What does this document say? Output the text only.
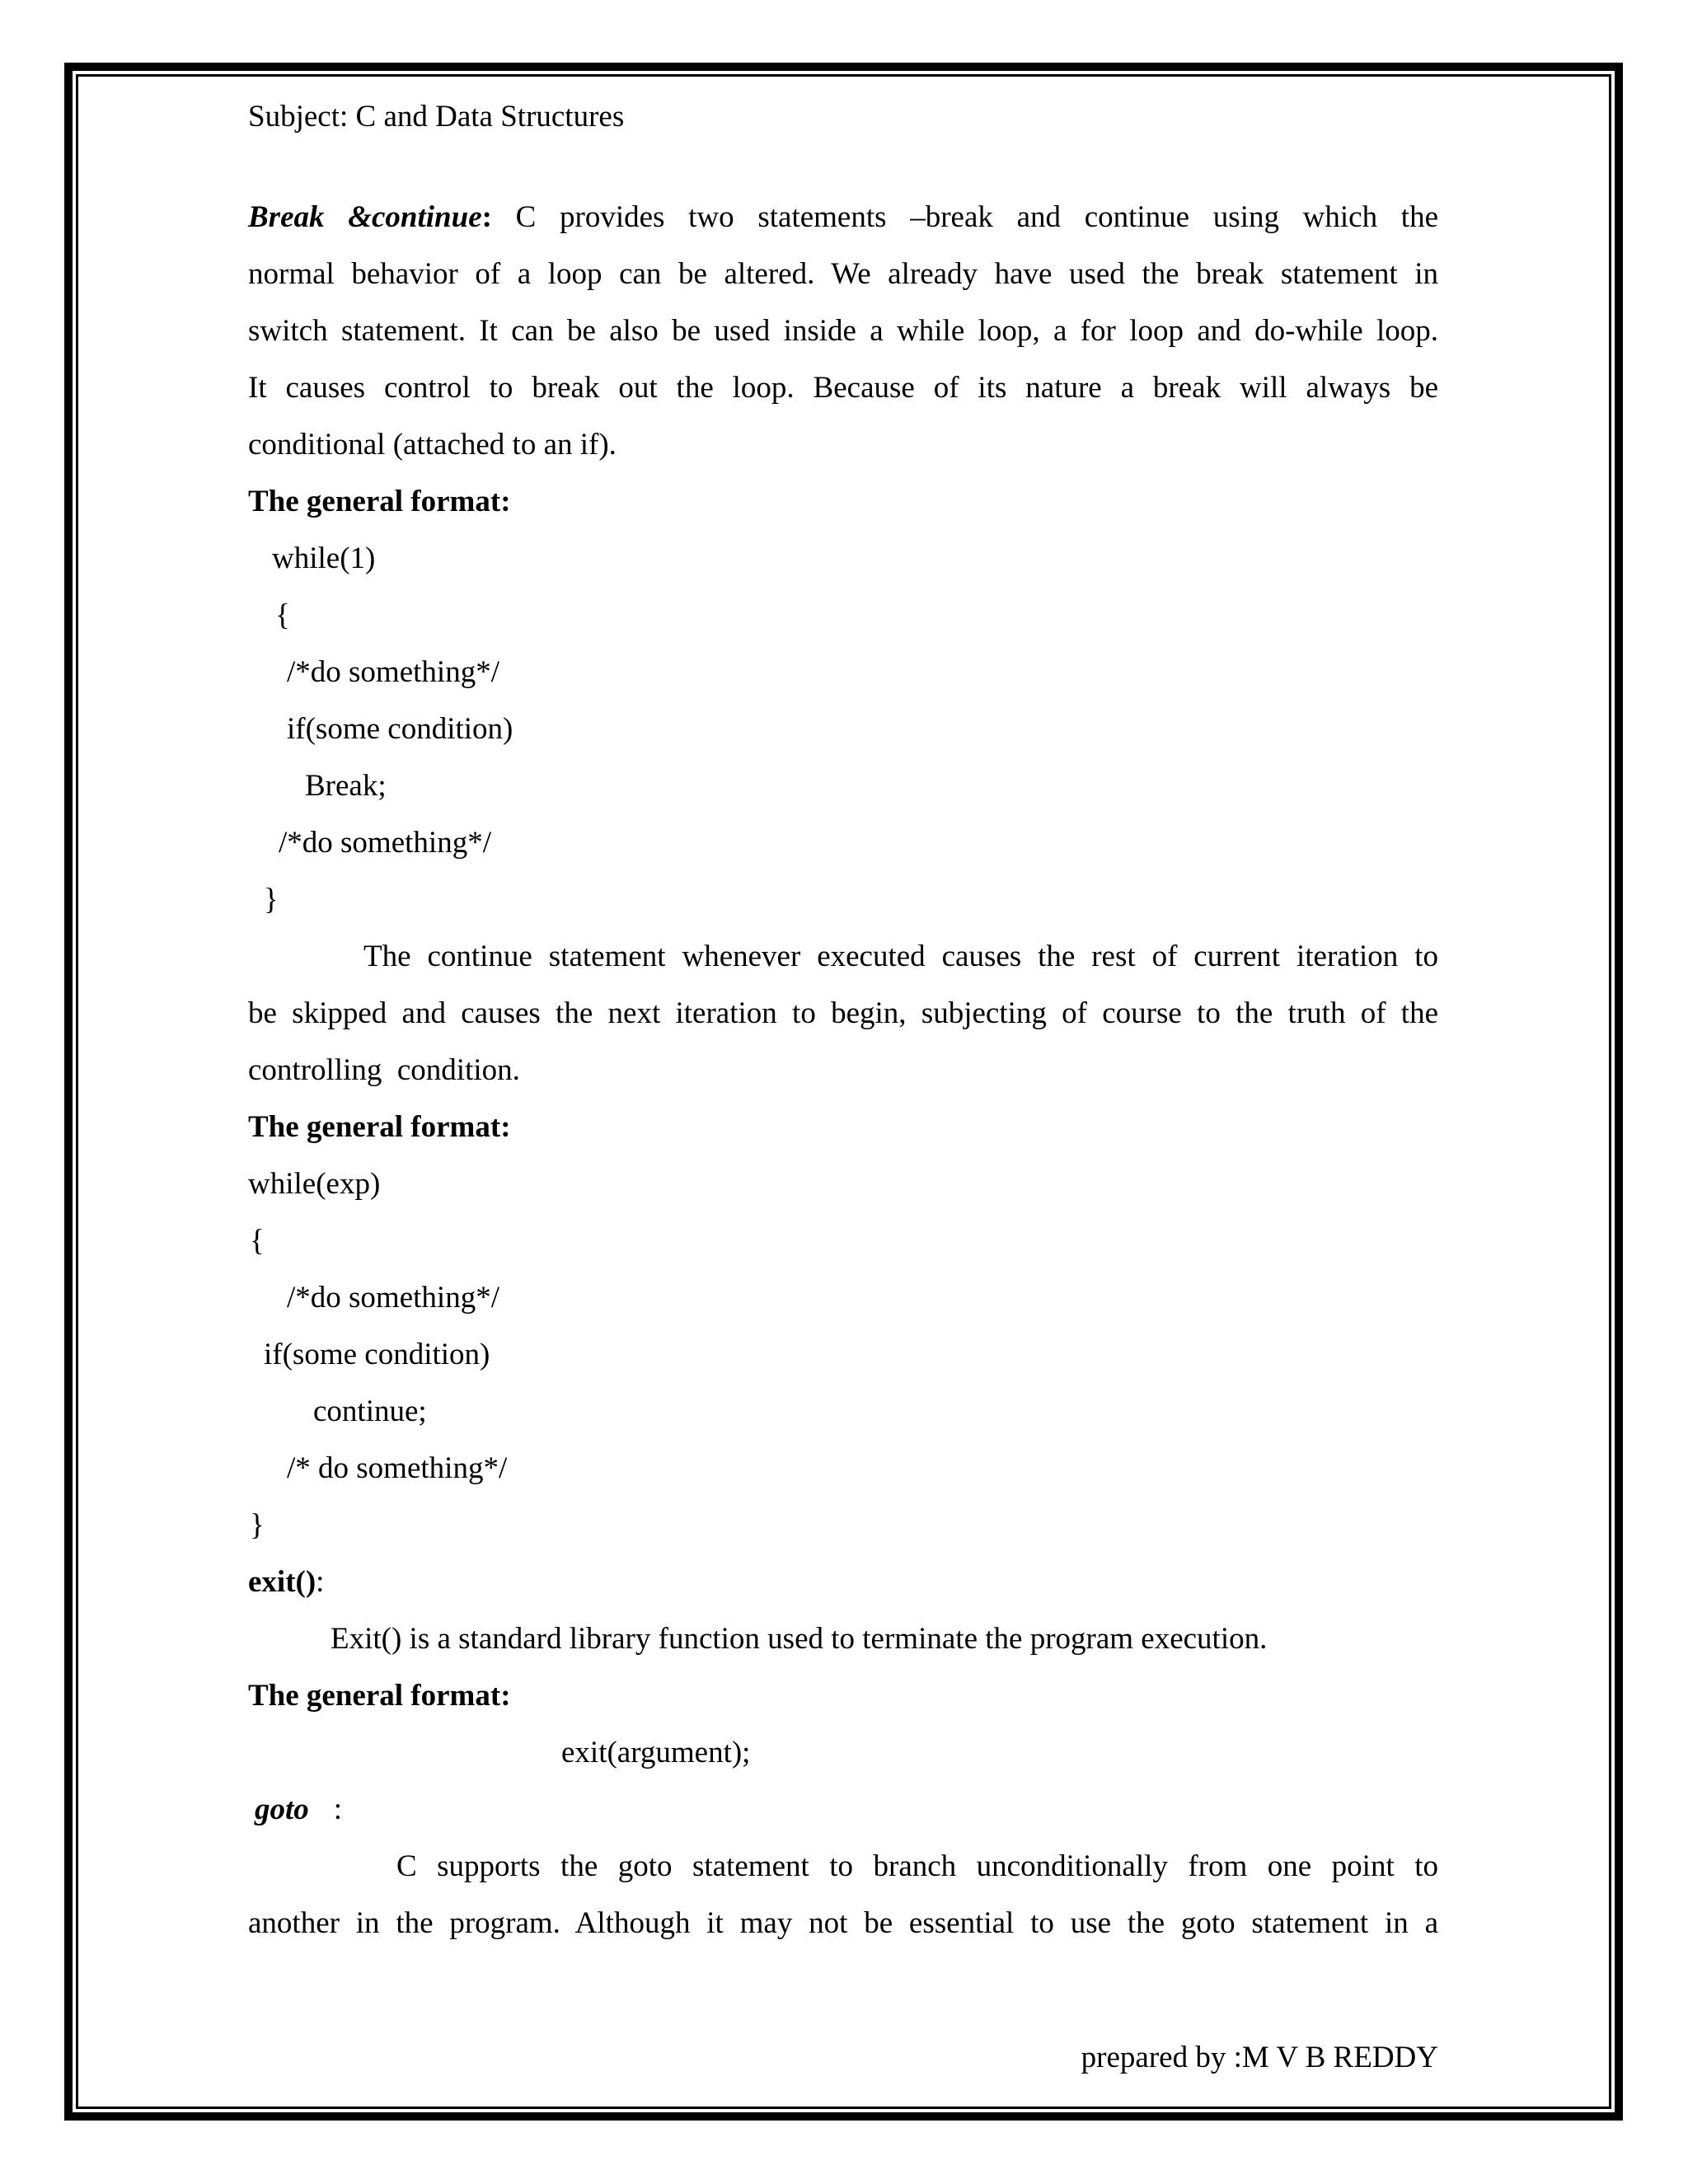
Subject: C and Data Structures
Break &continue: C provides two statements –break and continue using which the
normal behavior of a loop can be altered. We already have used the break statement in
switch statement. It can be also be used inside a while loop, a for loop and do-while loop.
It causes control to break out the loop. Because of its nature a break will always be
conditional (attached to an if).
The general format:
while(1)
{
/*do something*/
if(some condition)
Break;
/*do something*/
}
The continue statement whenever executed causes the rest of current iteration to
be skipped and causes the next iteration to begin, subjecting of course to the truth of the
controlling  condition.
The general format:
while(exp)
{
/*do something*/
if(some condition)
continue;
/* do something*/
}
exit():
Exit() is a standard library function used to terminate the program execution.
The general format:
exit(argument);
goto :
C supports the goto statement to branch unconditionally from one point to
another in the program. Although it may not be essential to use the goto statement in a
prepared by :M V B REDDY
